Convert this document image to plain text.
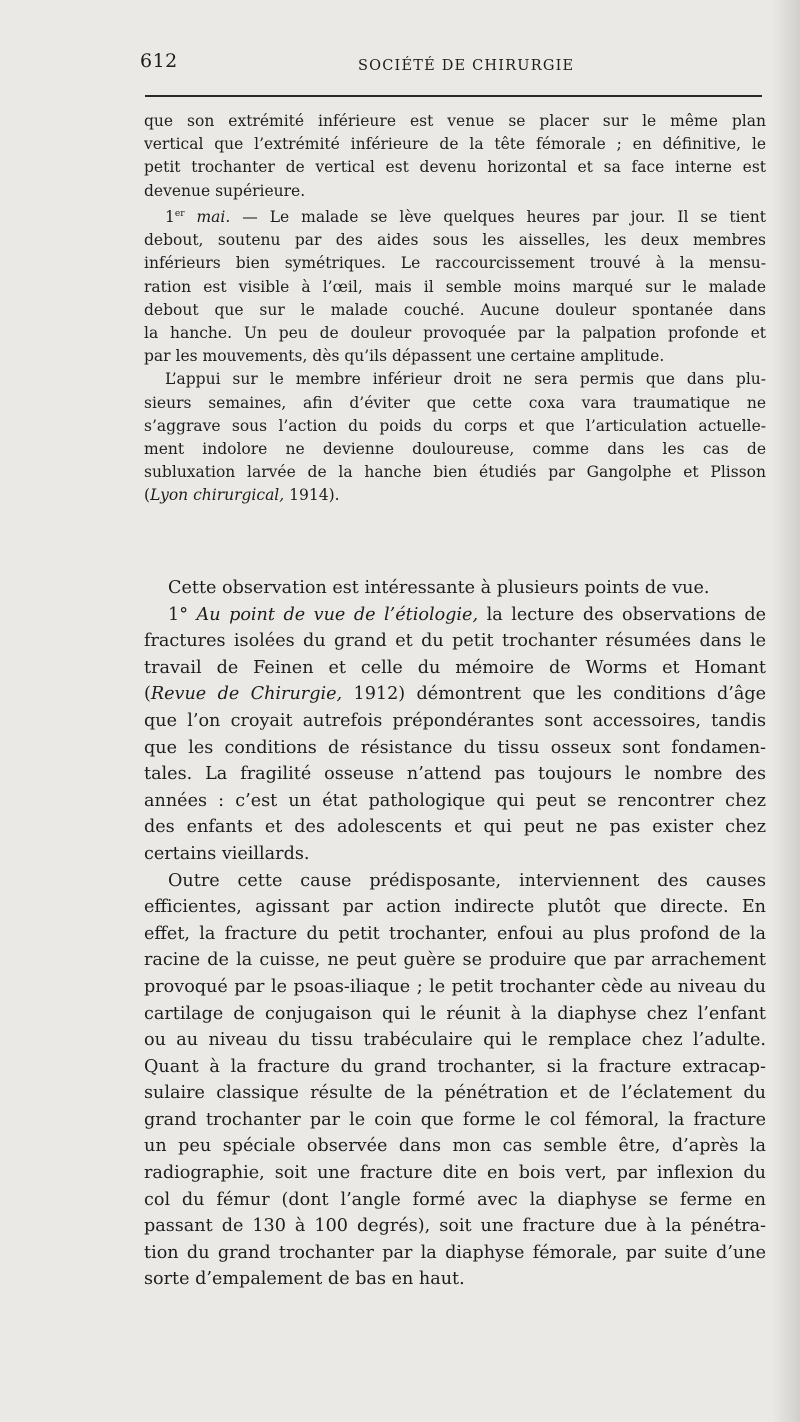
612	SOCIÉTÉ DE CHIRURGIE
que son extrémité inférieure est venue se placer sur le même plan
vertical que l’extrémité inférieure de la tête fémorale ; en définitive, le
petit trochanter de vertical est devenu horizontal et sa face interne est
devenue supérieure.
1er mai. — Le malade se lève quelques heures par jour. Il se tient
debout, soutenu par des aides sous les aisselles, les deux membres
inférieurs bien symétriques. Le raccourcissement trouvé à la mensu-
ration est visible à l’œil, mais il semble moins marqué sur le malade
debout que sur le malade couché. Aucune douleur spontanée dans
la hanche. Un peu de douleur provoquée par la palpation profonde et
par les mouvements, dès qu’ils dépassent une certaine amplitude.
L’appui sur le membre inférieur droit ne sera permis que dans plu-
sieurs semaines, afin d’éviter que cette coxa vara traumatique ne
s’aggrave sous l’action du poids du corps et que l’articulation actuelle-
ment indolore ne devienne douloureuse, comme dans les cas de
subluxation larvée de la hanche bien étudiés par Gangolphe et Plisson
(Lyon chirurgical, 1914).
Cette observation est intéressante à plusieurs points de vue.
1° Au point de vue de l’étiologie, la lecture des observations de
fractures isolées du grand et du petit trochanter résumées dans le
travail de Feinen et celle du mémoire de Worms et Homant
(Revue de Chirurgie, 1912) démontrent que les conditions d’âge
que l’on croyait autrefois prépondérantes sont accessoires, tandis
que les conditions de résistance du tissu osseux sont fondamen-
tales. La fragilité osseuse n’attend pas toujours le nombre des
années : c’est un état pathologique qui peut se rencontrer chez
des enfants et des adolescents et qui peut ne pas exister chez
certains vieillards.
Outre cette cause prédisposante, interviennent des causes
efficientes, agissant par action indirecte plutôt que directe. En
effet, la fracture du petit trochanter, enfoui au plus profond de la
racine de la cuisse, ne peut guère se produire que par arrachement
provoqué par le psoas-iliaque ; le petit trochanter cède au niveau du
cartilage de conjugaison qui le réunit à la diaphyse chez l’enfant
ou au niveau du tissu trabéculaire qui le remplace chez l’adulte.
Quant à la fracture du grand trochanter, si la fracture extracap-
sulaire classique résulte de la pénétration et de l’éclatement du
grand trochanter par le coin que forme le col fémoral, la fracture
un peu spéciale observée dans mon cas semble être, d’après la
radiographie, soit une fracture dite en bois vert, par inflexion du
col du fémur (dont l’angle formé avec la diaphyse se ferme en
passant de 130 à 100 degrés), soit une fracture due à la pénétra-
tion du grand trochanter par la diaphyse fémorale, par suite d’une
sorte d’empalement de bas en haut.
